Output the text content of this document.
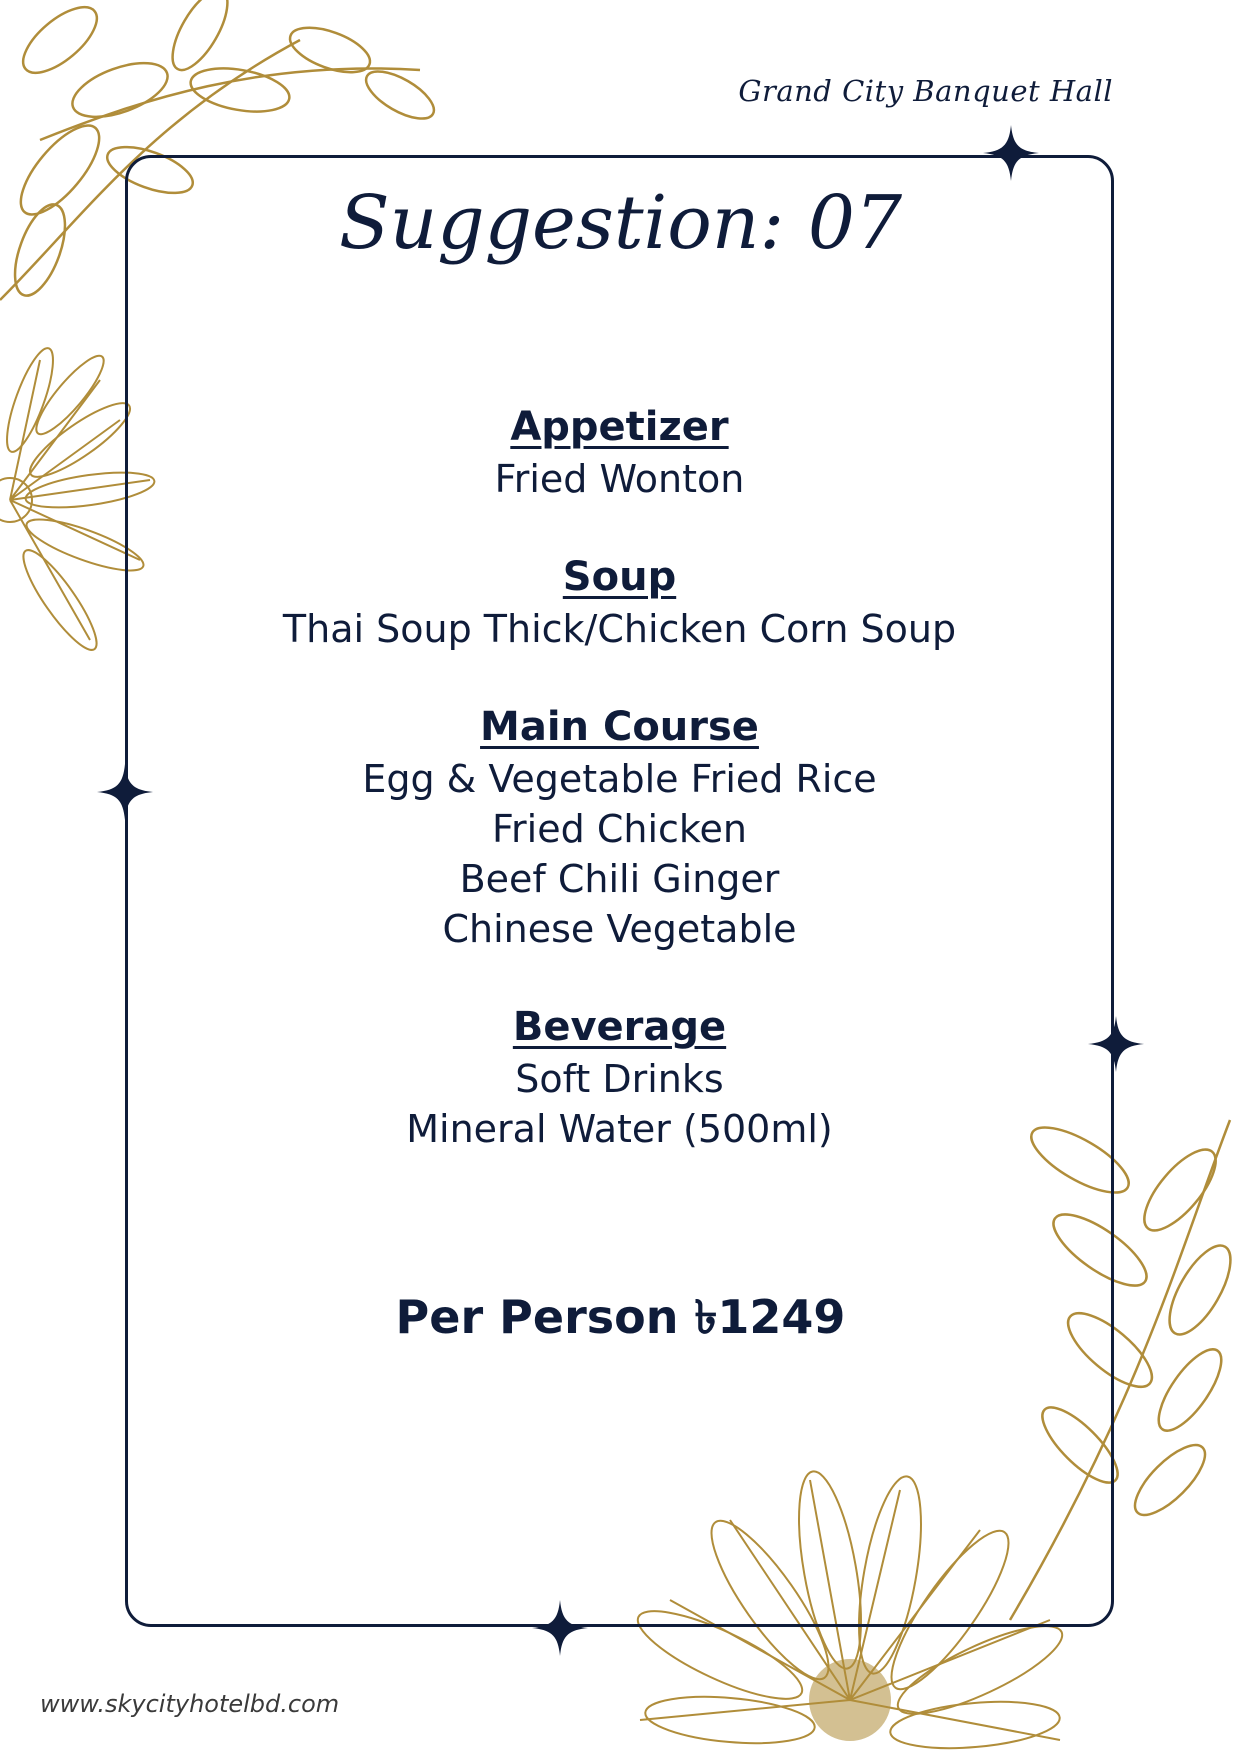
Grand City Banquet Hall
Suggestion: 07
Appetizer
Fried Wonton
Soup
Thai Soup Thick/Chicken Corn Soup
Main Course
Egg & Vegetable Fried Rice
Fried Chicken
Beef Chili Ginger
Chinese Vegetable
Beverage
Soft Drinks
Mineral Water (500ml)
Per Person ৳1249
www.skycityhotelbd.com
